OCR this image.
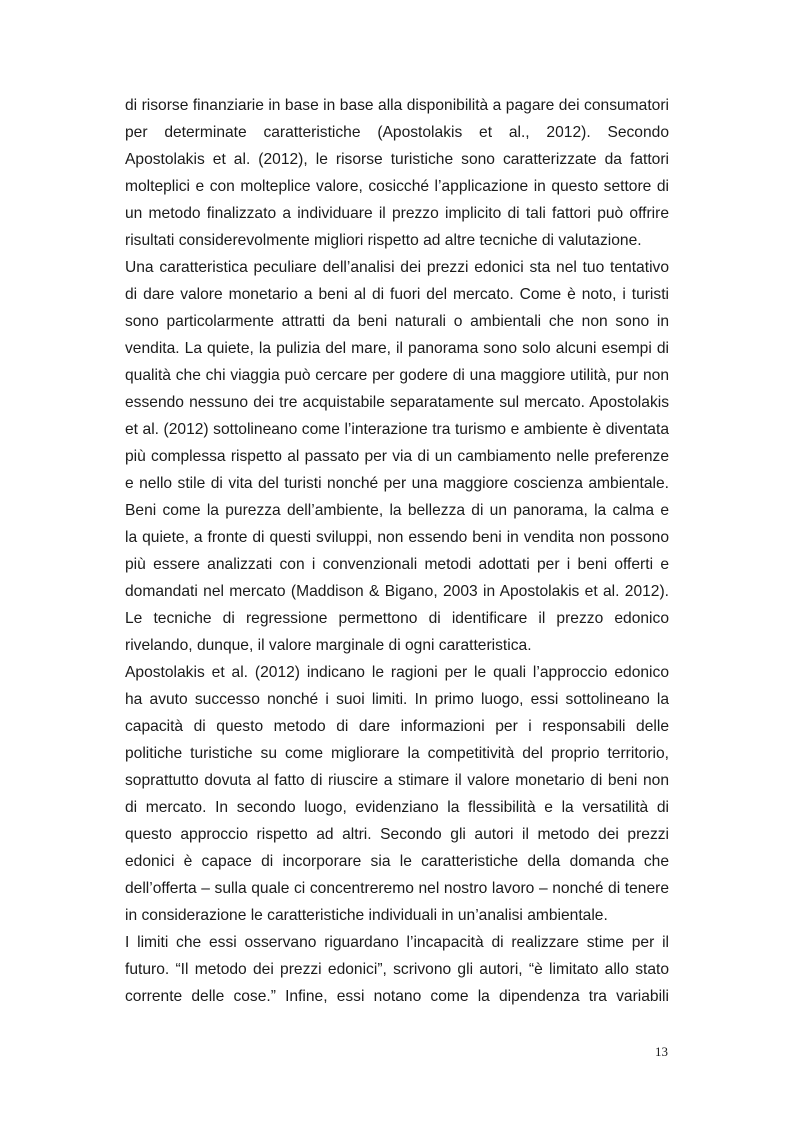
di risorse finanziarie in base in base alla disponibilità a pagare dei consumatori
per determinate caratteristiche (Apostolakis et al., 2012). Secondo
Apostolakis et al. (2012), le risorse turistiche sono caratterizzate da fattori
molteplici e con molteplice valore, cosicché l’applicazione in questo settore di
un metodo finalizzato a individuare il prezzo implicito di tali fattori può offrire
risultati considerevolmente migliori rispetto ad altre tecniche di valutazione.
Una caratteristica peculiare dell’analisi dei prezzi edonici sta nel tuo tentativo
di dare valore monetario a beni al di fuori del mercato. Come è noto, i turisti
sono particolarmente attratti da beni naturali o ambientali che non sono in
vendita. La quiete, la pulizia del mare, il panorama sono solo alcuni esempi di
qualità che chi viaggia può cercare per godere di una maggiore utilità, pur non
essendo nessuno dei tre acquistabile separatamente sul mercato. Apostolakis
et al. (2012) sottolineano come l’interazione tra turismo e ambiente è diventata
più complessa rispetto al passato per via di un cambiamento nelle preferenze
e nello stile di vita del turisti nonché per una maggiore coscienza ambientale.
Beni come la purezza dell’ambiente, la bellezza di un panorama, la calma e
la quiete, a fronte di questi sviluppi, non essendo beni in vendita non possono
più essere analizzati con i convenzionali metodi adottati per i beni offerti e
domandati nel mercato (Maddison & Bigano, 2003 in Apostolakis et al. 2012).
Le tecniche di regressione permettono di identificare il prezzo edonico
rivelando, dunque, il valore marginale di ogni caratteristica.
Apostolakis et al. (2012) indicano le ragioni per le quali l’approccio edonico
ha avuto successo nonché i suoi limiti. In primo luogo, essi sottolineano la
capacità di questo metodo di dare informazioni per i responsabili delle
politiche turistiche su come migliorare la competitività del proprio territorio,
soprattutto dovuta al fatto di riuscire a stimare il valore monetario di beni non
di mercato. In secondo luogo, evidenziano la flessibilità e la versatilità di
questo approccio rispetto ad altri. Secondo gli autori il metodo dei prezzi
edonici è capace di incorporare sia le caratteristiche della domanda che
dell’offerta – sulla quale ci concentreremo nel nostro lavoro – nonché di tenere
in considerazione le caratteristiche individuali in un’analisi ambientale.
I limiti che essi osservano riguardano l’incapacità di realizzare stime per il
futuro. “Il metodo dei prezzi edonici”, scrivono gli autori, “è limitato allo stato
corrente delle cose.” Infine, essi notano come la dipendenza tra variabili
13
